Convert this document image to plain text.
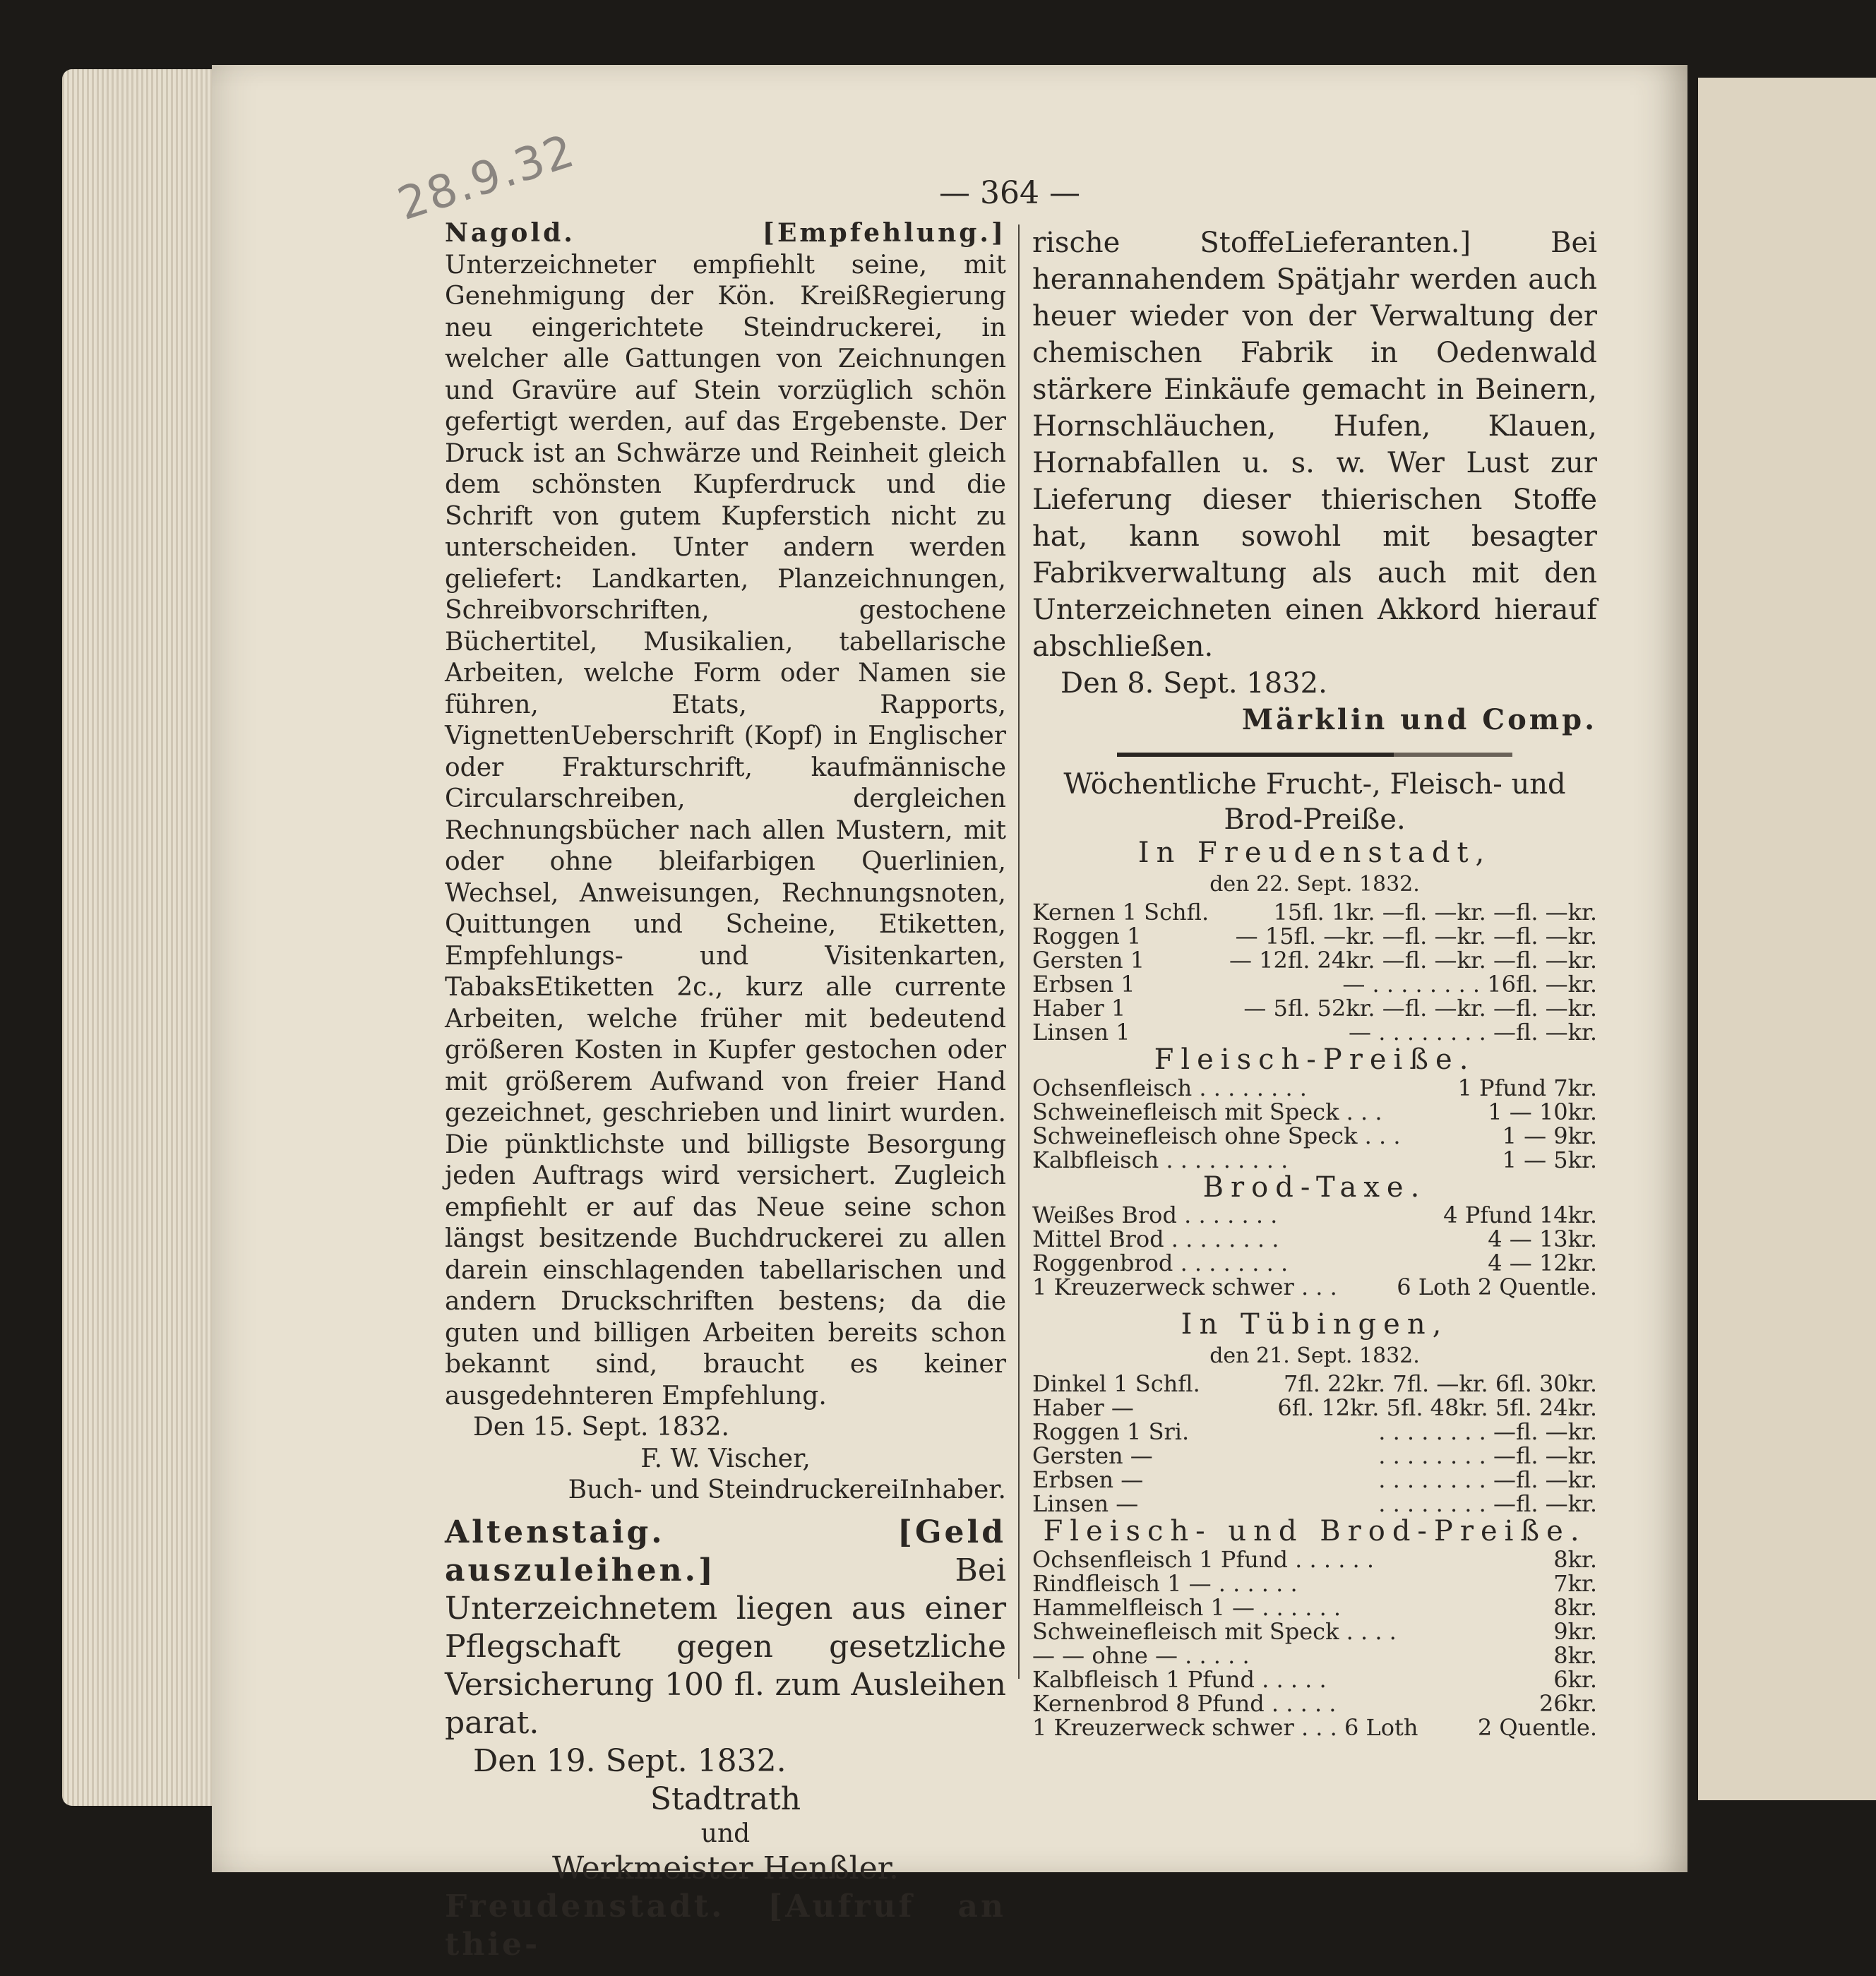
28.9.32	— 364 —

Nagold. [Empfehlung.] Unterzeichneter empfiehlt seine, mit Genehmigung der Kön. KreißRegierung neu eingerichtete Steindruckerei, in welcher alle Gattungen von Zeichnungen und Gravüre auf Stein vorzüglich schön gefertigt werden, auf das Ergebenste. Der Druck ist an Schwärze und Reinheit gleich dem schönsten Kupferdruck und die Schrift von gutem Kupferstich nicht zu unterscheiden. Unter andern werden geliefert: Landkarten, Planzeichnungen, Schreibvorschriften, gestochene Büchertitel, Musikalien, tabellarische Arbeiten, welche Form oder Namen sie führen, Etats, Rapports, VignettenUeberschrift (Kopf) in Englischer oder Frakturschrift, kaufmännische Circularschreiben, dergleichen Rechnungsbücher nach allen Mustern, mit oder ohne bleifarbigen Querlinien, Wechsel, Anweisungen, Rechnungsnoten, Quittungen und Scheine, Etiketten, Empfehlungs- und Visitenkarten, TabaksEtiketten 2c., kurz alle currente Arbeiten, welche früher mit bedeutend größeren Kosten in Kupfer gestochen oder mit größerem Aufwand von freier Hand gezeichnet, geschrieben und linirt wurden. Die pünktlichste und billigste Besorgung jeden Auftrags wird versichert. Zugleich empfiehlt er auf das Neue seine schon längst besitzende Buchdruckerei zu allen darein einschlagenden tabellarischen und andern Druckschriften bestens; da die guten und billigen Arbeiten bereits schon bekannt sind, braucht es keiner ausgedehnteren Empfehlung.

Den 15. Sept. 1832.

F. W. Vischer,

Buch- und SteindruckereiInhaber.

Altenstaig. [Geld auszuleihen.]	Bei Unterzeichnetem liegen aus einer Pflegschaft gegen gesetzliche Versicherung 100 fl. zum Ausleihen parat.

Den 19. Sept. 1832.

Stadtrath

und

Werkmeister Henßler.

Freudenstadt. [Aufruf an thie-

rische StoffeLieferanten.] Bei herannahendem Spätjahr werden auch heuer wieder von der Verwaltung der chemischen Fabrik in Oedenwald stärkere Einkäufe gemacht in Beinern, Hornschläuchen, Hufen, Klauen, Hornabfallen u. s. w. Wer Lust zur Lieferung dieser thierischen Stoffe hat, kann sowohl mit besagter Fabrikverwaltung als auch mit den Unterzeichneten einen Akkord hierauf abschließen.

Den 8. Sept. 1832.

Märklin und Comp.

Wöchentliche Frucht-, Fleisch- und Brod-Preiße.

In Freudenstadt,

den 22. Sept. 1832.

Kernen 1 Schfl.	15fl. 1kr. —fl. —kr. —fl. —kr.
Roggen 1	— 15fl. —kr. —fl. —kr. —fl. —kr.
Gersten 1	— 12fl. 24kr. —fl. —kr. —fl. —kr.
Erbsen 1	— . . . . . . . . 16fl. —kr.
Haber 1	— 5fl. 52kr. —fl. —kr. —fl. —kr.
Linsen 1	— . . . . . . . . —fl. —kr.

Fleisch-Preiße.

Ochsenfleisch . . . . . . . .	1 Pfund 7kr.
Schweinefleisch mit Speck . . .	1 — 10kr.
Schweinefleisch ohne Speck . . .	1 — 9kr.
Kalbfleisch . . . . . . . . .	1 — 5kr.

Brod-Taxe.

Weißes Brod . . . . . . .	4 Pfund 14kr.
Mittel Brod . . . . . . . .	4 — 13kr.
Roggenbrod . . . . . . . .	4 — 12kr.
1 Kreuzerweck schwer . . .	6 Loth 2 Quentle.

In Tübingen,

den 21. Sept. 1832.

Dinkel 1 Schfl.	7fl. 22kr. 7fl. —kr. 6fl. 30kr.
Haber —	6fl. 12kr. 5fl. 48kr. 5fl. 24kr.
Roggen 1 Sri.	. . . . . . . . —fl. —kr.
Gersten —	. . . . . . . . —fl. —kr.
Erbsen —	. . . . . . . . —fl. —kr.
Linsen —	. . . . . . . . —fl. —kr.

Fleisch- und Brod-Preiße.

Ochsenfleisch 1 Pfund . . . . . .	8kr.
Rindfleisch 1 — . . . . . .	7kr.
Hammelfleisch 1 — . . . . . .	8kr.
Schweinefleisch mit Speck . . . .	9kr.
— — ohne — . . . . .	8kr.
Kalbfleisch 1 Pfund . . . . .	6kr.
Kernenbrod 8 Pfund . . . . .	26kr.
1 Kreuzerweck schwer . . . 6 Loth	2 Quentle.
